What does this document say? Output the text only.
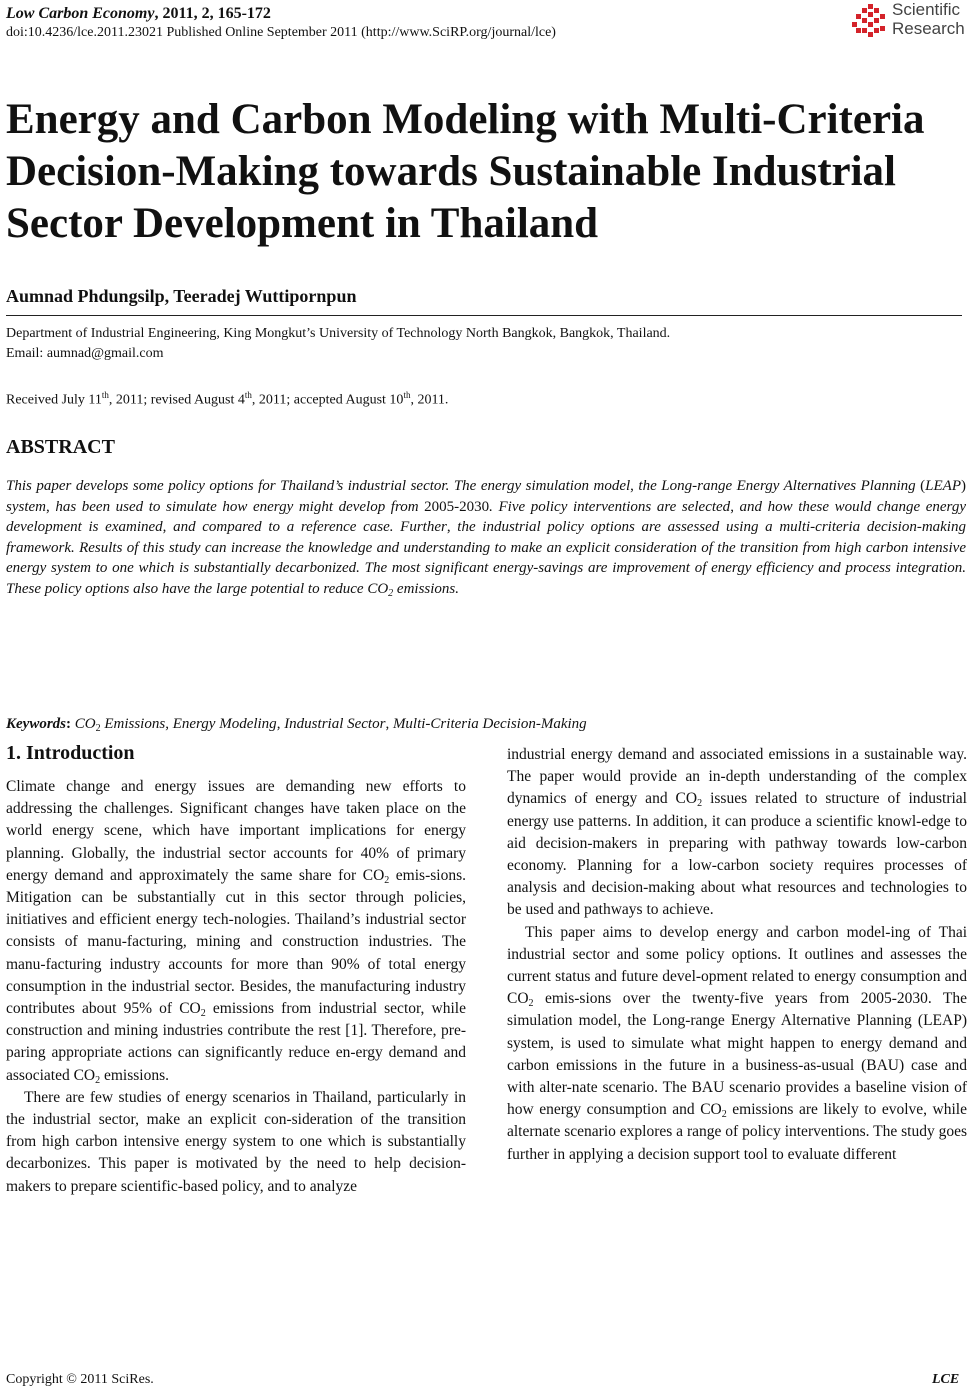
Low Carbon Economy, 2011, 2, 165-172
doi:10.4236/lce.2011.23021 Published Online September 2011 (http://www.SciRP.org/journal/lce)
Scientific
Research
Energy and Carbon Modeling with Multi-Criteria
Decision-Making towards Sustainable Industrial
Sector Development in Thailand
Aumnad Phdungsilp, Teeradej Wuttipornpun
Department of Industrial Engineering, King Mongkut’s University of Technology North Bangkok, Bangkok, Thailand.
Email: aumnad@gmail.com
Received July 11th, 2011; revised August 4th, 2011; accepted August 10th, 2011.
ABSTRACT

This paper develops some policy options for Thailand’s industrial sector. The energy simulation model, the Long-range Energy Alternatives Planning (LEAP) system, has been used to simulate how energy might develop from 2005-2030. Five policy interventions are selected, and how these would change energy development is examined, and compared to a reference case. Further, the industrial policy options are assessed using a multi-criteria decision-making framework. Results of this study can increase the knowledge and understanding to make an explicit consideration of the transition from high carbon intensive energy system to one which is substantially decarbonized. The most significant energy-savings are improvement of energy efficiency and process integration. These policy options also have the large potential to reduce $CO_2$ emissions.

Keywords: $CO_2$ Emissions, Energy Modeling, Industrial Sector, Multi-Criteria Decision-Making
1. Introduction

Climate change and energy issues are demanding new efforts to addressing the challenges. Significant changes have taken place on the world energy scene, which have important implications for energy planning. Globally, the industrial sector accounts for 40% of primary energy demand and approximately the same share for $CO_2$ emis-sions. Mitigation can be substantially cut in this sector through policies, initiatives and efficient energy tech-nologies. Thailand’s industrial sector consists of manu-facturing, mining and construction industries. The manu-facturing industry accounts for more than 90% of total energy consumption in the industrial sector. Besides, the manufacturing industry contributes about 95% of $CO_2$ emissions from industrial sector, while construction and mining industries contribute the rest [1]. Therefore, pre-paring appropriate actions can significantly reduce en-ergy demand and associated $CO_2$ emissions.

There are few studies of energy scenarios in Thailand, particularly in the industrial sector, make an explicit con-sideration of the transition from high carbon intensive energy system to one which is substantially decarbonizes. This paper is motivated by the need to help decision-makers to prepare scientific-based policy, and to analyze

industrial energy demand and associated emissions in a sustainable way. The paper would provide an in-depth understanding of the complex dynamics of energy and $CO_2$ issues related to structure of industrial energy use patterns. In addition, it can produce a scientific knowl-edge to aid decision-makers in preparing with pathway towards low-carbon economy. Planning for a low-carbon society requires processes of analysis and decision-making about what resources and technologies to be used and pathways to achieve.

This paper aims to develop energy and carbon model-ing of Thai industrial sector and some policy options. It outlines and assesses the current status and future devel-opment related to energy consumption and $CO_2$ emis-sions over the twenty-five years from 2005-2030. The simulation model, the Long-range Energy Alternative Planning (LEAP) system, is used to simulate what might happen to energy demand and carbon emissions in the future in a business-as-usual (BAU) case and with alter-nate scenario. The BAU scenario provides a baseline vision of how energy consumption and $CO_2$ emissions are likely to evolve, while alternate scenario explores a range of policy interventions. The study goes further in applying a decision support tool to evaluate different

Copyright © 2011 SciRes.	LCE
